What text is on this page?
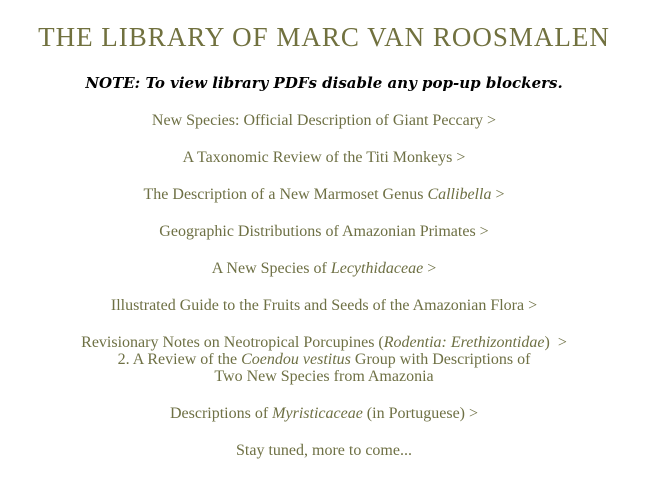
THE LIBRARY OF MARC VAN ROOSMALEN

NOTE: To view library PDFs disable any pop-up blockers.

New Species: Official Description of Giant Peccary >

A Taxonomic Review of the Titi Monkeys >

The Description of a New Marmoset Genus Callibella >

Geographic Distributions of Amazonian Primates >

A New Species of Lecythidaceae >

Illustrated Guide to the Fruits and Seeds of the Amazonian Flora >

Revisionary Notes on Neotropical Porcupines (Rodentia: Erethizontidae)  >
2. A Review of the Coendou vestitus Group with Descriptions of
Two New Species from Amazonia

Descriptions of Myristicaceae (in Portuguese) >

Stay tuned, more to come...
